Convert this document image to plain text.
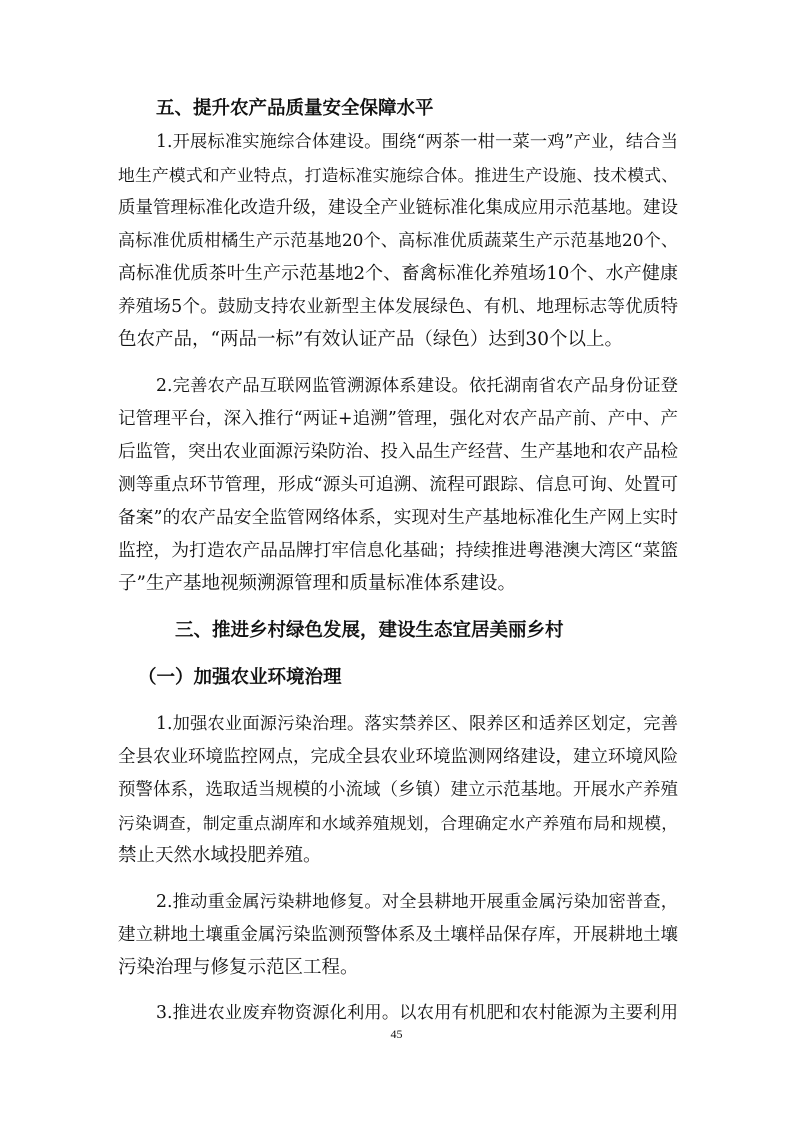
五、提升农产品质量安全保障水平
1.开展标准实施综合体建设。围绕“两茶一柑一菜一鸡”产业，结合当
地生产模式和产业特点，打造标准实施综合体。推进生产设施、技术模式、
质量管理标准化改造升级，建设全产业链标准化集成应用示范基地。建设
高标准优质柑橘生产示范基地20个、高标准优质蔬菜生产示范基地20个、
高标准优质茶叶生产示范基地2个、畜禽标准化养殖场10个、水产健康
养殖场5个。鼓励支持农业新型主体发展绿色、有机、地理标志等优质特
色农产品，“两品一标”有效认证产品（绿色）达到30个以上。
2.完善农产品互联网监管溯源体系建设。依托湖南省农产品身份证登
记管理平台，深入推行“两证+追溯”管理，强化对农产品产前、产中、产
后监管，突出农业面源污染防治、投入品生产经营、生产基地和农产品检
测等重点环节管理，形成“源头可追溯、流程可跟踪、信息可询、处置可
备案”的农产品安全监管网络体系，实现对生产基地标准化生产网上实时
监控，为打造农产品品牌打牢信息化基础；持续推进粤港澳大湾区“菜篮
子”生产基地视频溯源管理和质量标准体系建设。
三、推进乡村绿色发展，建设生态宜居美丽乡村
（一）加强农业环境治理
1.加强农业面源污染治理。落实禁养区、限养区和适养区划定，完善
全县农业环境监控网点，完成全县农业环境监测网络建设，建立环境风险
预警体系，选取适当规模的小流域（乡镇）建立示范基地。开展水产养殖
污染调查，制定重点湖库和水域养殖规划，合理确定水产养殖布局和规模，
禁止天然水域投肥养殖。
2.推动重金属污染耕地修复。对全县耕地开展重金属污染加密普查，
建立耕地土壤重金属污染监测预警体系及土壤样品保存库，开展耕地土壤
污染治理与修复示范区工程。
3.推进农业废弃物资源化利用。以农用有机肥和农村能源为主要利用
45
